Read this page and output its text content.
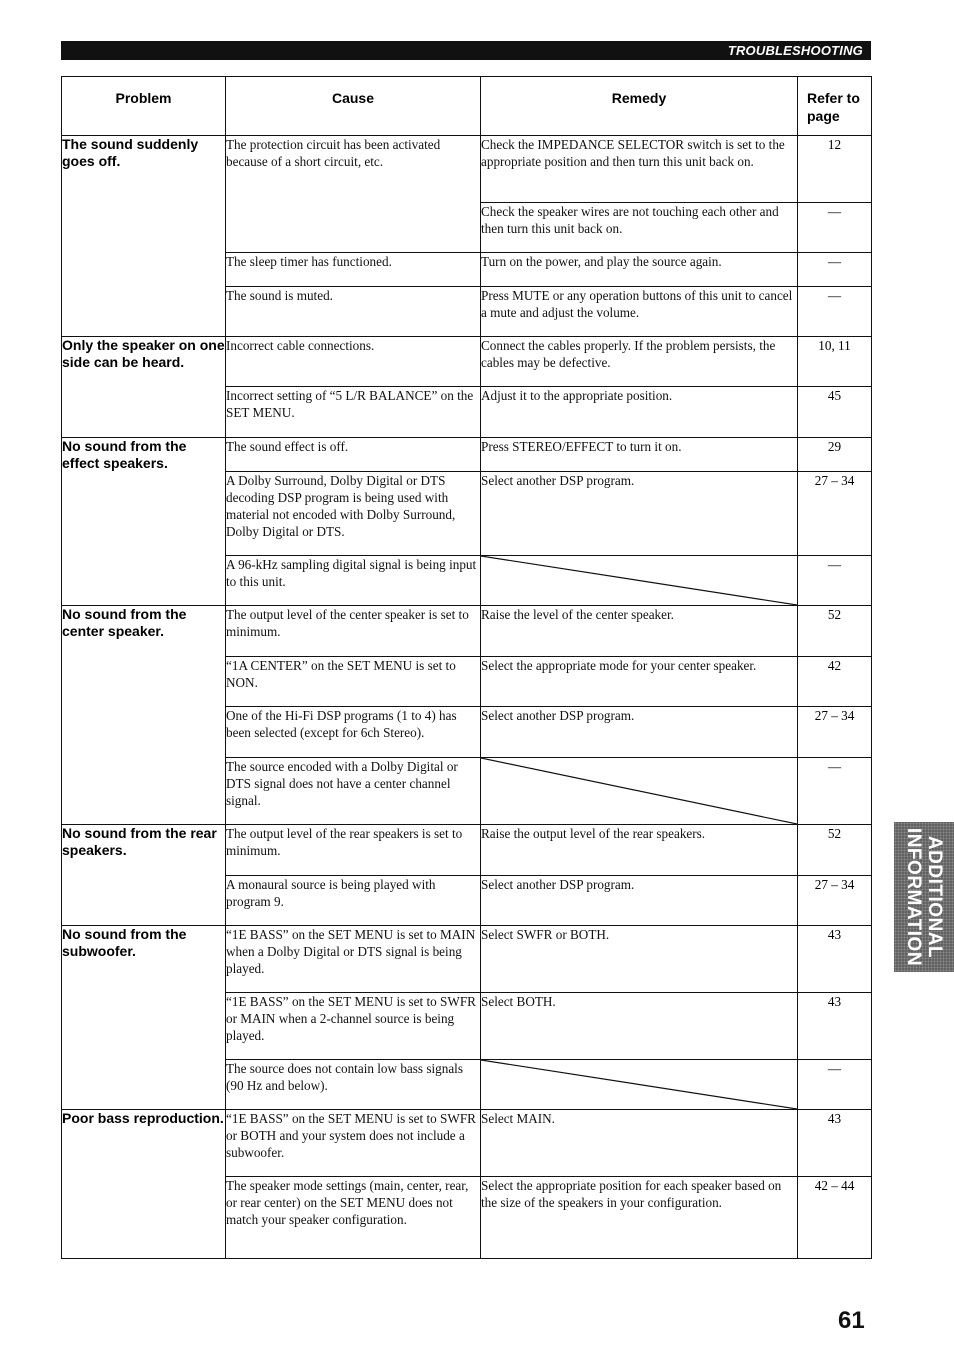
TROUBLESHOOTING
Problem	Cause	Remedy	Refer to page
The sound suddenly goes off.	The protection circuit has been activated because of a short circuit, etc.	Check the IMPEDANCE SELECTOR switch is set to the appropriate position and then turn this unit back on.	12
		Check the speaker wires are not touching each other and then turn this unit back on.	—
	The sleep timer has functioned.	Turn on the power, and play the source again.	—
	The sound is muted.	Press MUTE or any operation buttons of this unit to cancel a mute and adjust the volume.	—
Only the speaker on one side can be heard.	Incorrect cable connections.	Connect the cables properly. If the problem persists, the cables may be defective.	10, 11
	Incorrect setting of “5 L/R BALANCE” on the SET MENU.	Adjust it to the appropriate position.	45
No sound from the effect speakers.	The sound effect is off.	Press STEREO/EFFECT to turn it on.	29
	A Dolby Surround, Dolby Digital or DTS decoding DSP program is being used with material not encoded with Dolby Surround, Dolby Digital or DTS.	Select another DSP program.	27 – 34
	A 96-kHz sampling digital signal is being input to this unit.		—
No sound from the center speaker.	The output level of the center speaker is set to minimum.	Raise the level of the center speaker.	52
	“1A CENTER” on the SET MENU is set to NON.	Select the appropriate mode for your center speaker.	42
	One of the Hi-Fi DSP programs (1 to 4) has been selected (except for 6ch Stereo).	Select another DSP program.	27 – 34
	The source encoded with a Dolby Digital or DTS signal does not have a center channel signal.		—
No sound from the rear speakers.	The output level of the rear speakers is set to minimum.	Raise the output level of the rear speakers.	52
	A monaural source is being played with program 9.	Select another DSP program.	27 – 34
No sound from the subwoofer.	“1E BASS” on the SET MENU is set to MAIN when a Dolby Digital or DTS signal is being played.	Select SWFR or BOTH.	43
	“1E BASS” on the SET MENU is set to SWFR or MAIN when a 2-channel source is being played.	Select BOTH.	43
	The source does not contain low bass signals (90 Hz and below).		—
Poor bass reproduction.	“1E BASS” on the SET MENU is set to SWFR or BOTH and your system does not include a subwoofer.	Select MAIN.	43
	The speaker mode settings (main, center, rear, or rear center) on the SET MENU does not match your speaker configuration.	Select the appropriate position for each speaker based on the size of the speakers in your configuration.	42 – 44
ADDITIONAL
INFORMATION
61
